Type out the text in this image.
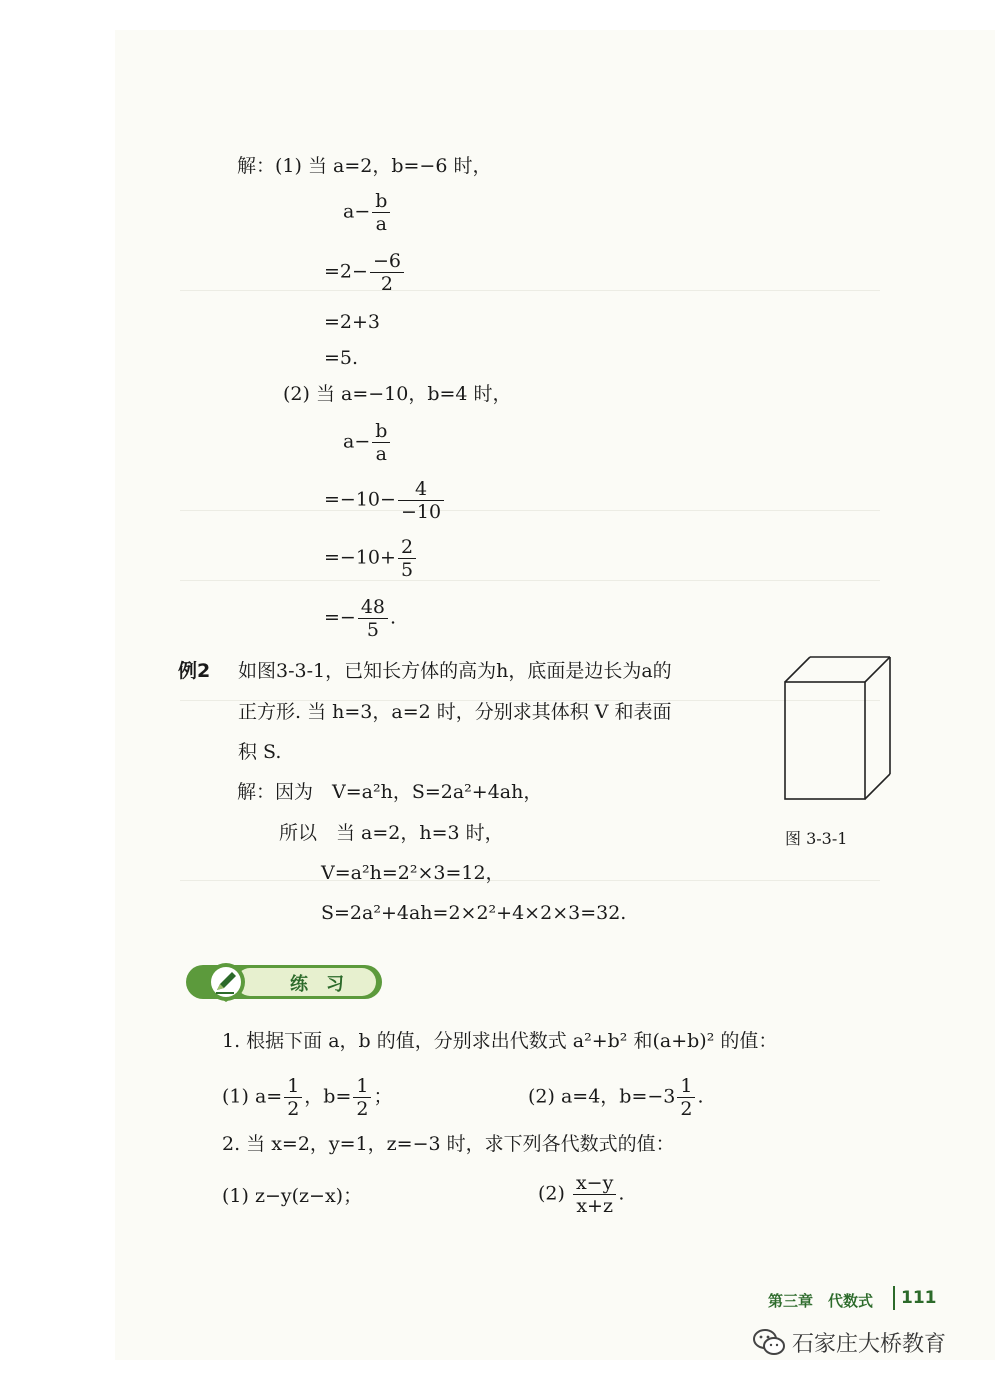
解：(1) 当 a=2，b=−6 时，
$a- \frac{b}{a}$
$=2- \frac{-6}{2}$
=2+3
=5.
(2) 当 a=−10，b=4 时，
$a- \frac{b}{a}$
$=-10- \frac{4}{-10}$
$=-10+ \frac{2}{5}$
=− $\frac{48}{5}$ .
例2 如图3-3-1，已知长方体的高为h，底面是边长为a的
正方形. 当 h=3，a=2 时，分别求其体积 V 和表面
积 S.
解：因为　V=a²h，S=2a²+4ah，
所以　当 a=2，h=3 时，
V=a²h=2²×3=12，
S=2a²+4ah=2×2²+4×2×3=32.
图 3-3-1
练　习
1. 根据下面 a，b 的值，分别求出代数式 a²+b² 和(a+b)² 的值：
(1) $a= \frac{1}{2}$ ，$b= \frac{1}{2}$ ；	(2) a=4，$b=-3 \frac{1}{2}$ .
2. 当 x=2，y=1，z=−3 时，求下列各代数式的值：
(1) z−y(z−x)；	$(2) \frac{x-y}{x+z}$ .
第三章　代数式 111
石家庄大桥教育
